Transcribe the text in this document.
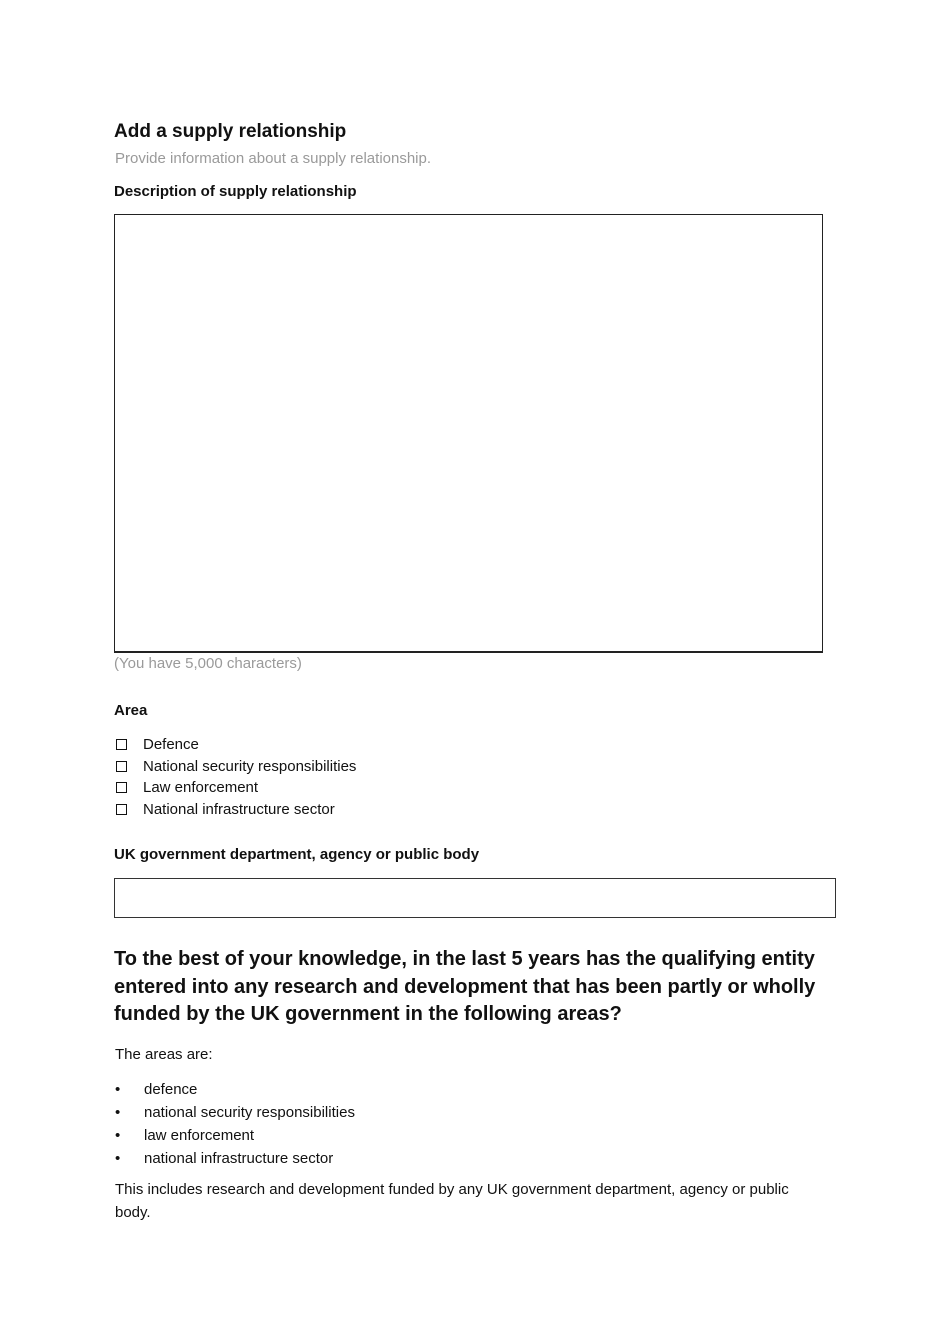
Add a supply relationship
Provide information about a supply relationship.
Description of supply relationship
(You have 5,000 characters)
Area
Defence
National security responsibilities
Law enforcement
National infrastructure sector
UK government department, agency or public body
To the best of your knowledge, in the last 5 years has the qualifying entity entered into any research and development that has been partly or wholly funded by the UK government in the following areas?
The areas are:
•	defence
•	national security responsibilities
•	law enforcement
•	national infrastructure sector
This includes research and development funded by any UK government department, agency or public body.
